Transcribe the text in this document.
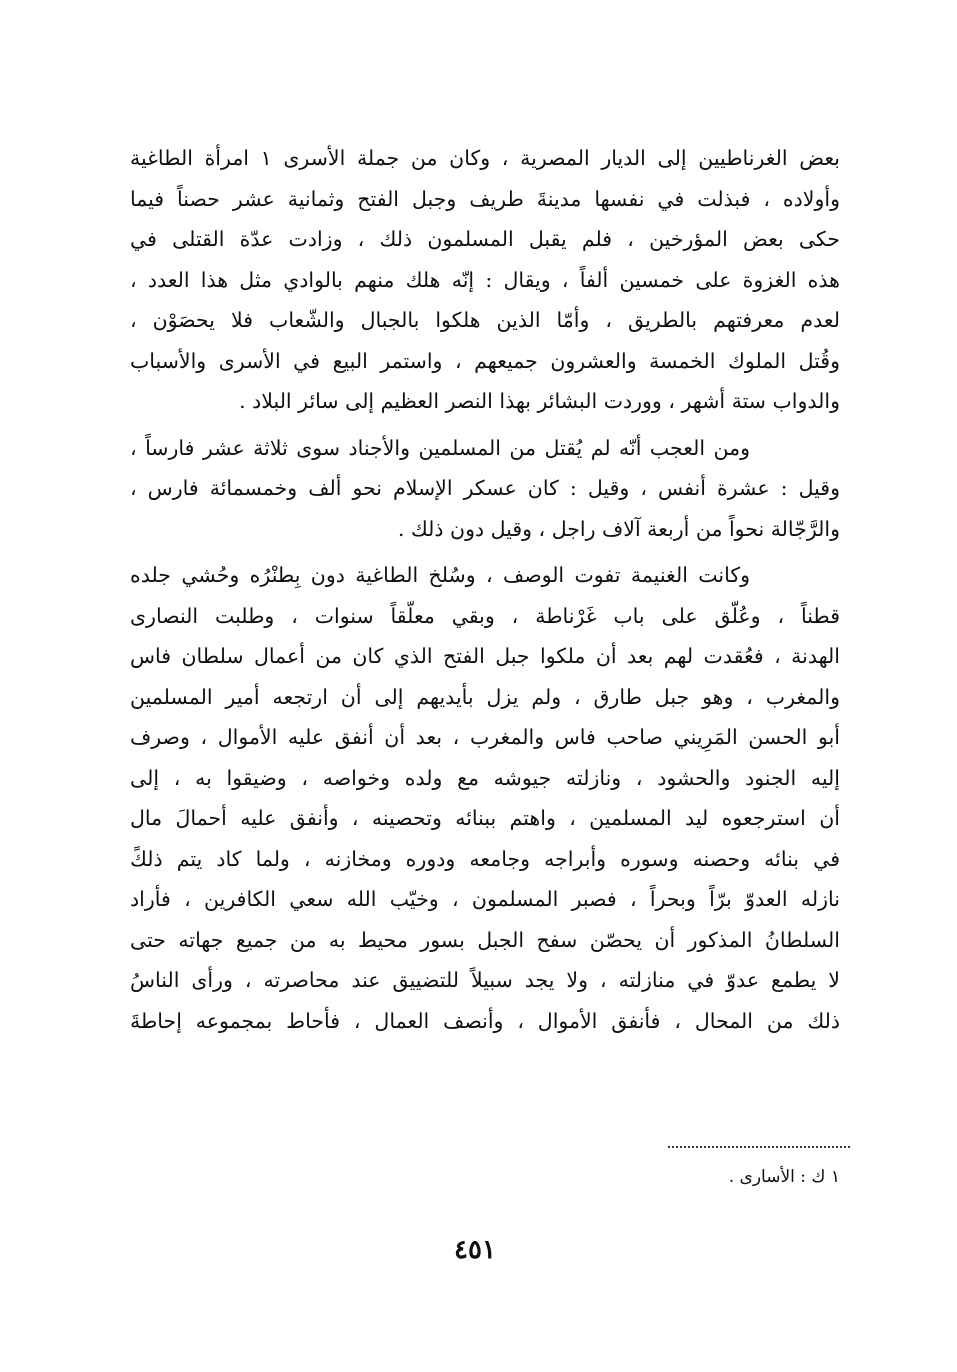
بعض الغرناطيين إلى الديار المصرية ، وكان من جملة الأسرى ١ امرأة الطاغية
وأولاده ، فبذلت في نفسها مدينةَ طريف وجبل الفتح وثمانية عشر حصناً فيما
حكى بعض المؤرخين ، فلم يقبل المسلمون ذلك ، وزادت عدّة القتلى في
هذه الغزوة على خمسين ألفاً ، ويقال : إنّه هلك منهم بالوادي مثل هذا العدد ،
لعدم معرفتهم بالطريق ، وأمّا الذين هلكوا بالجبال والشّعاب فلا يحصَوْن ،
وقُتل الملوك الخمسة والعشرون جميعهم ، واستمر البيع في الأسرى والأسباب
والدواب ستة أشهر ، ووردت البشائر بهذا النصر العظيم إلى سائر البلاد .
ومن العجب أنّه لم يُقتل من المسلمين والأجناد سوى ثلاثة عشر فارساً ،
وقيل : عشرة أنفس ، وقيل : كان عسكر الإسلام نحو ألف وخمسمائة فارس ،
والرَّجّالة نحواً من أربعة آلاف راجل ، وقيل دون ذلك .
وكانت الغنيمة تفوت الوصف ، وسُلخ الطاغية دون بِطنْرُه وحُشي جلده
قطناً ، وعُلّق على باب غَرْناطة ، وبقي معلّقاً سنوات ، وطلبت النصارى
الهدنة ، فعُقدت لهم بعد أن ملكوا جبل الفتح الذي كان من أعمال سلطان فاس
والمغرب ، وهو جبل طارق ، ولم يزل بأيديهم إلى أن ارتجعه أمير المسلمين
أبو الحسن المَرِيني صاحب فاس والمغرب ، بعد أن أنفق عليه الأموال ، وصرف
إليه الجنود والحشود ، ونازلته جيوشه مع ولده وخواصه ، وضيقوا به ، إلى
أن استرجعوه ليد المسلمين ، واهتم ببنائه وتحصينه ، وأنفق عليه أحمالَ مال
في بنائه وحصنه وسوره وأبراجه وجامعه ودوره ومخازنه ، ولما كاد يتم ذلكً
نازله العدوّ برّاً وبحراً ، فصبر المسلمون ، وخيّب الله سعي الكافرين ، فأراد
السلطانُ المذكور أن يحصّن سفح الجبل بسور محيط به من جميع جهاته حتى
لا يطمع عدوّ في منازلته ، ولا يجد سبيلاً للتضييق عند محاصرته ، ورأى الناسُ
ذلك من المحال ، فأنفق الأموال ، وأنصف العمال ، فأحاط بمجموعه إحاطةَ
١ ك : الأسارى .
٤٥١
